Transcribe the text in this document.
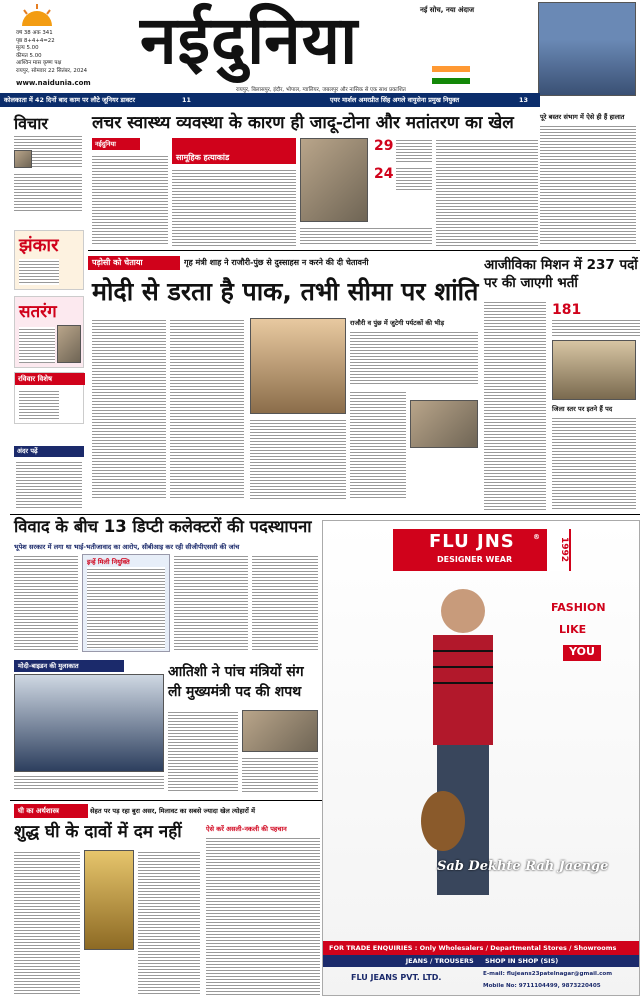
वर्ष 38 अंक 341
पृष्ठ 8+4+4=22
मूल्य 5.00
कीमत 5.00
आश्विन मास कृष्ण पक्ष
रायपुर, सोमवार 22 सितंबर, 2024
www.naidunia.com
नईदुनिया	नई सोच, नया अंदाज
रायपुर, बिलासपुर, इंदौर, भोपाल, ग्वालियर, जबलपुर और नासिक से एक साथ प्रकाशित
कोलकाता में 42 दिनों बाद काम पर लौटे जूनियर डाक्टर	11	एयर मार्शल अमरप्रीत सिंह अगले वायुसेना प्रमुख नियुक्त	13
विचार
झंकार
सतरंग
रविवार विशेष
अंदर पढ़ें
लचर स्वास्थ्य व्यवस्था के कारण ही जादू-टोना और मतांतरण का खेल
नईदुनिया
सामूहिक हत्याकांड
29
24
पूरे बस्तर संभाग में ऐसे ही हैं हालात
पड़ोसी को चेताया	गृह मंत्री शाह ने राजौरी-पुंछ से दुस्साहस न करने की दी चेतावनी
मोदी से डरता है पाक, तभी सीमा पर शांति
राजौरी व पुंछ में जुटेगी पर्यटकों की भीड़
आजीविका मिशन में 237 पदों पर की जाएगी भर्ती
181
जिला स्तर पर इतने हैं पद
विवाद के बीच 13 डिप्टी कलेक्टरों की पदस्थापना
भूपेश सरकार में लगा था भाई-भतीजावाद का आरोप, सीबीआइ कर रही सीजीपीएससी की जांच
इन्हें मिली नियुक्ति
मोदी-बाइडन की मुलाकात	आतिशी ने पांच मंत्रियों संग ली मुख्यमंत्री पद की शपथ
FLU JNS	®
DESIGNER WEAR	1992
FASHION
LIKE
YOU
Sab Dekhte Rah Jaenge
FOR TRADE ENQUIRIES : Only Wholesalers / Departmental Stores / Showrooms
JEANS / TROUSERS     SHOP IN SHOP (SIS)
FLU JEANS PVT. LTD.	E-mail: flujeans23patelnagar@gmail.com
Mobile No: 9711104499, 9873220405
घी का अर्थशास्त्र	सेहत पर पड़ रहा बुरा असर, मिलावट का सबसे ज्यादा खेल त्योहारों में
शुद्ध घी के दावों में दम नहीं	ऐसे करें असली-नकली की पहचान
